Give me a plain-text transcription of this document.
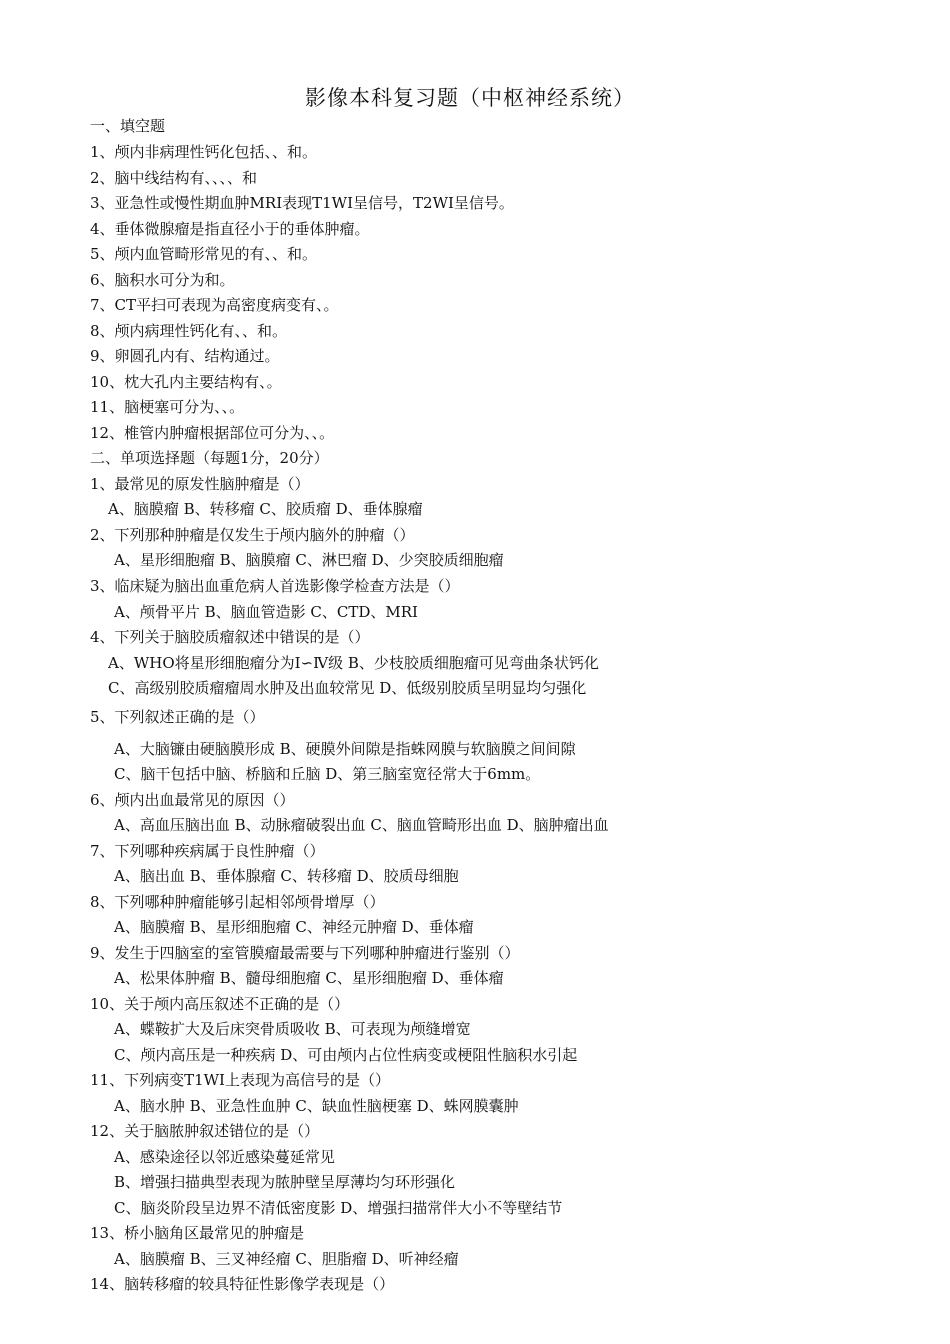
影像本科复习题（中枢神经系统）
一、填空题
1、颅内非病理性钙化包括、、和。
2、脑中线结构有、、、、和
3、亚急性或慢性期血肿MRI表现T1WI呈信号，T2WI呈信号。
4、垂体微腺瘤是指直径小于的垂体肿瘤。
5、颅内血管畸形常见的有、、和。
6、脑积水可分为和。
7、CT平扫可表现为高密度病变有、。
8、颅内病理性钙化有、、和。
9、卵圆孔内有、结构通过。
10、枕大孔内主要结构有、。
11、脑梗塞可分为、、。
12、椎管内肿瘤根据部位可分为、、。
二、单项选择题（每题1分，20分）
1、最常见的原发性脑肿瘤是（）
A、脑膜瘤 B、转移瘤 C、胶质瘤 D、垂体腺瘤
2、下列那种肿瘤是仅发生于颅内脑外的肿瘤（）
A、星形细胞瘤 B、脑膜瘤 C、淋巴瘤 D、少突胶质细胞瘤
3、临床疑为脑出血重危病人首选影像学检查方法是（）
A、颅骨平片 B、脑血管造影 C、CTD、MRI
4、下列关于脑胶质瘤叙述中错误的是（）
A、WHO将星形细胞瘤分为I∽Ⅳ级 B、少枝胶质细胞瘤可见弯曲条状钙化
C、高级别胶质瘤瘤周水肿及出血较常见 D、低级别胶质呈明显均匀强化
5、下列叙述正确的是（）
A、大脑镰由硬脑膜形成 B、硬膜外间隙是指蛛网膜与软脑膜之间间隙
C、脑干包括中脑、桥脑和丘脑 D、第三脑室宽径常大于6mm。
6、颅内出血最常见的原因（）
A、高血压脑出血 B、动脉瘤破裂出血 C、脑血管畸形出血 D、脑肿瘤出血
7、下列哪种疾病属于良性肿瘤（）
A、脑出血 B、垂体腺瘤 C、转移瘤 D、胶质母细胞
8、下列哪种肿瘤能够引起相邻颅骨增厚（）
A、脑膜瘤 B、星形细胞瘤 C、神经元肿瘤 D、垂体瘤
9、发生于四脑室的室管膜瘤最需要与下列哪种肿瘤进行鉴别（）
A、松果体肿瘤 B、髓母细胞瘤 C、星形细胞瘤 D、垂体瘤
10、关于颅内高压叙述不正确的是（）
A、蝶鞍扩大及后床突骨质吸收 B、可表现为颅缝增宽
C、颅内高压是一种疾病 D、可由颅内占位性病变或梗阻性脑积水引起
11、下列病变T1WI上表现为高信号的是（）
A、脑水肿 B、亚急性血肿 C、缺血性脑梗塞 D、蛛网膜囊肿
12、关于脑脓肿叙述错位的是（）
A、感染途径以邻近感染蔓延常见
B、增强扫描典型表现为脓肿壁呈厚薄均匀环形强化
C、脑炎阶段呈边界不清低密度影 D、增强扫描常伴大小不等壁结节
13、桥小脑角区最常见的肿瘤是
A、脑膜瘤 B、三叉神经瘤 C、胆脂瘤 D、听神经瘤
14、脑转移瘤的较具特征性影像学表现是（）
